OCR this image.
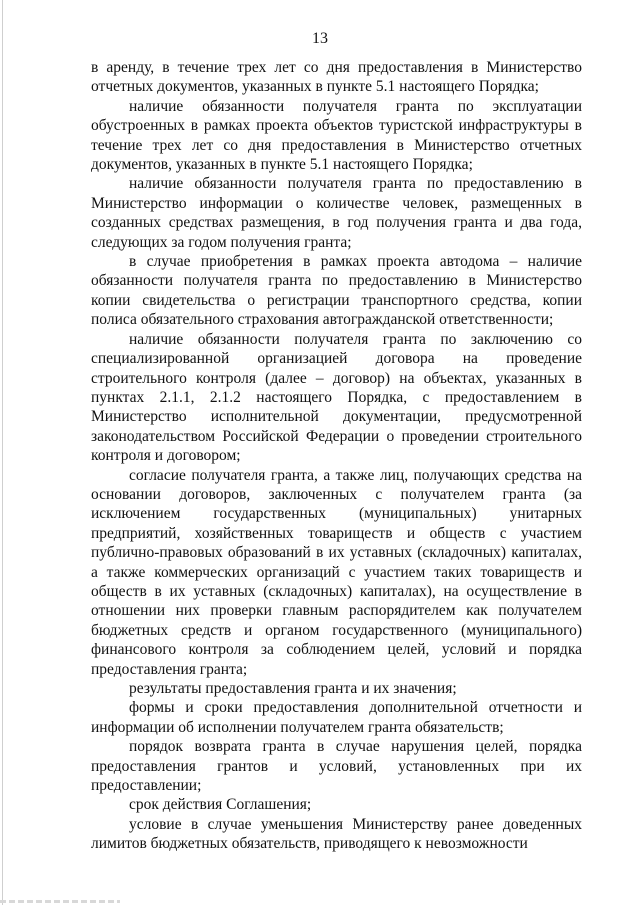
13

в аренду, в течение трех лет со дня предоставления в Министерство отчетных документов, указанных в пункте 5.1 настоящего Порядка;

наличие обязанности получателя гранта по эксплуатации обустроенных в рамках проекта объектов туристской инфраструктуры в течение трех лет со дня предоставления в Министерство отчетных документов, указанных в пункте 5.1 настоящего Порядка;

наличие обязанности получателя гранта по предоставлению в Министерство информации о количестве человек, размещенных в созданных средствах размещения, в год получения гранта и два года, следующих за годом получения гранта;

в случае приобретения в рамках проекта автодома – наличие обязанности получателя гранта по предоставлению в Министерство копии свидетельства о регистрации транспортного средства, копии полиса обязательного страхования автогражданской ответственности;

наличие обязанности получателя гранта по заключению со специализированной организацией договора на проведение строительного контроля (далее – договор) на объектах, указанных в пунктах 2.1.1, 2.1.2 настоящего Порядка, с предоставлением в Министерство исполнительной документации, предусмотренной законодательством Российской Федерации о проведении строительного контроля и договором;

согласие получателя гранта, а также лиц, получающих средства на основании договоров, заключенных с получателем гранта (за исключением государственных (муниципальных) унитарных предприятий, хозяйственных товариществ и обществ с участием публично-правовых образований в их уставных (складочных) капиталах, а также коммерческих организаций с участием таких товариществ и обществ в их уставных (складочных) капиталах), на осуществление в отношении них проверки главным распорядителем как получателем бюджетных средств и органом государственного (муниципального) финансового контроля за соблюдением целей, условий и порядка предоставления гранта;

результаты предоставления гранта и их значения;

формы и сроки предоставления дополнительной отчетности и информации об исполнении получателем гранта обязательств;

порядок возврата гранта в случае нарушения целей, порядка предоставления грантов и условий, установленных при их предоставлении;

срок действия Соглашения;

условие в случае уменьшения Министерству ранее доведенных лимитов бюджетных обязательств, приводящего к невозможности
